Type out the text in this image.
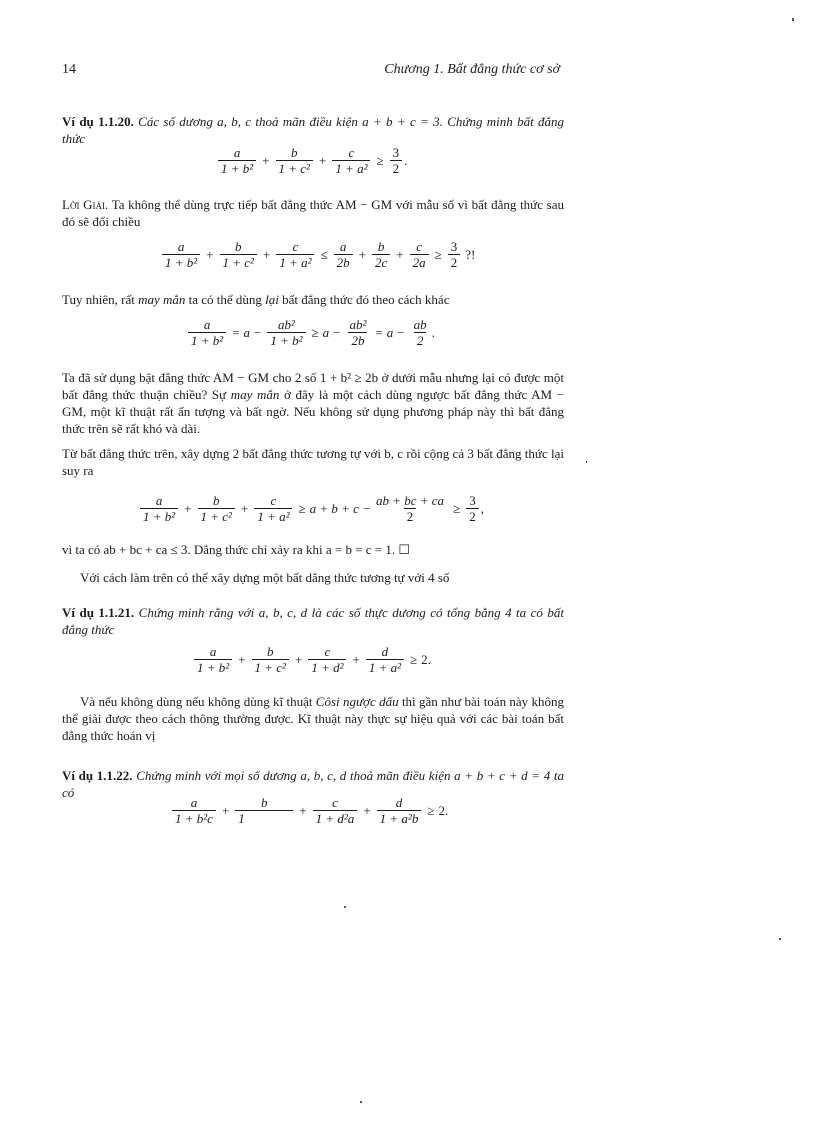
14	Chương 1. Bất đẳng thức cơ sở
Ví dụ 1.1.20. Các số dương a, b, c thoả mãn điều kiện a + b + c = 3. Chứng minh bất đẳng thức
$\frac{a}{\text{1 + b²}} + \frac{b}{\text{1 + c²}} + \frac{c}{\text{1 + a²}} \ge \frac{3}{2}$ .
Lời Giải. Ta không thể dùng trực tiếp bất đẳng thức AM − GM với mẫu số vì bất đẳng thức sau đó sẽ đổi chiều
$\frac{a}{\text{1 + b²}} + \frac{b}{\text{1 + c²}} + \frac{c}{\text{1 + a²}} \le \frac{a}{2b} + \frac{b}{2c} + \frac{c}{2a} \ge \frac{3}{2}$ ?!
Tuy nhiên, rất may mắn ta có thể dùng lại bất đẳng thức đó theo cách khác
$\frac{a}{\text{1 + b²}} = a - \frac{\text{ab²}}{\text{1 + b²}} \ge a - \frac{\text{ab²}}{2b} = a - \frac{ab}{2}$ .
Ta đã sử dụng bật đẳng thức AM − GM cho 2 số 1 + b² ≥ 2b ở dưới mẫu nhưng lại có được một bất đẳng thức thuận chiều? Sự may mắn ở đây là một cách dùng ngược bất đẳng thức AM − GM, một kĩ thuật rất ấn tượng và bất ngờ. Nếu không sử dụng phương pháp này thì bất đẳng thức trên sẽ rất khó và dài.
Từ bất đẳng thức trên, xây dựng 2 bất đẳng thức tương tự với b, c rồi cộng cả 3 bất đẳng thức lại suy ra
$\frac{a}{\text{1 + b²}} + \frac{b}{\text{1 + c²}} + \frac{c}{\text{1 + a²}} \ge a + b + c - \frac{ab + bc + ca}{2} \ge \frac{3}{2}$ ,
vì ta có ab + bc + ca ≤ 3. Dẳng thức chỉ xảy ra khi a = b = c = 1. ☐
Với cách làm trên có thể xây dựng một bất dẳng thức tương tự với 4 số
Ví dụ 1.1.21. Chứng minh rằng với a, b, c, d là các số thực dương có tổng bằng 4 ta có bất đẳng thức
$\frac{a}{\text{1 + b²}} + \frac{b}{\text{1 + c²}} + \frac{c}{\text{1 + d²}} + \frac{d}{\text{1 + a²}} \ge 2$ .
Và nếu không dùng nếu không dùng kĩ thuật Côsi ngược dấu thì gần như bài toán này không thể giải được theo cách thông thường được. Kĩ thuật này thực sự hiệu quả với các bài toán bất đẳng thức hoán vị
Ví dụ 1.1.22. Chứng minh với mọi số dương a, b, c, d thoả mãn điều kiện a + b + c + d = 4 ta có
$\frac{a}{\text{1 + b²c}} + \frac{b}{1} + \frac{c}{\text{1 + d²a}} + \frac{d}{\text{1 + a²b}} \ge 2$ .
